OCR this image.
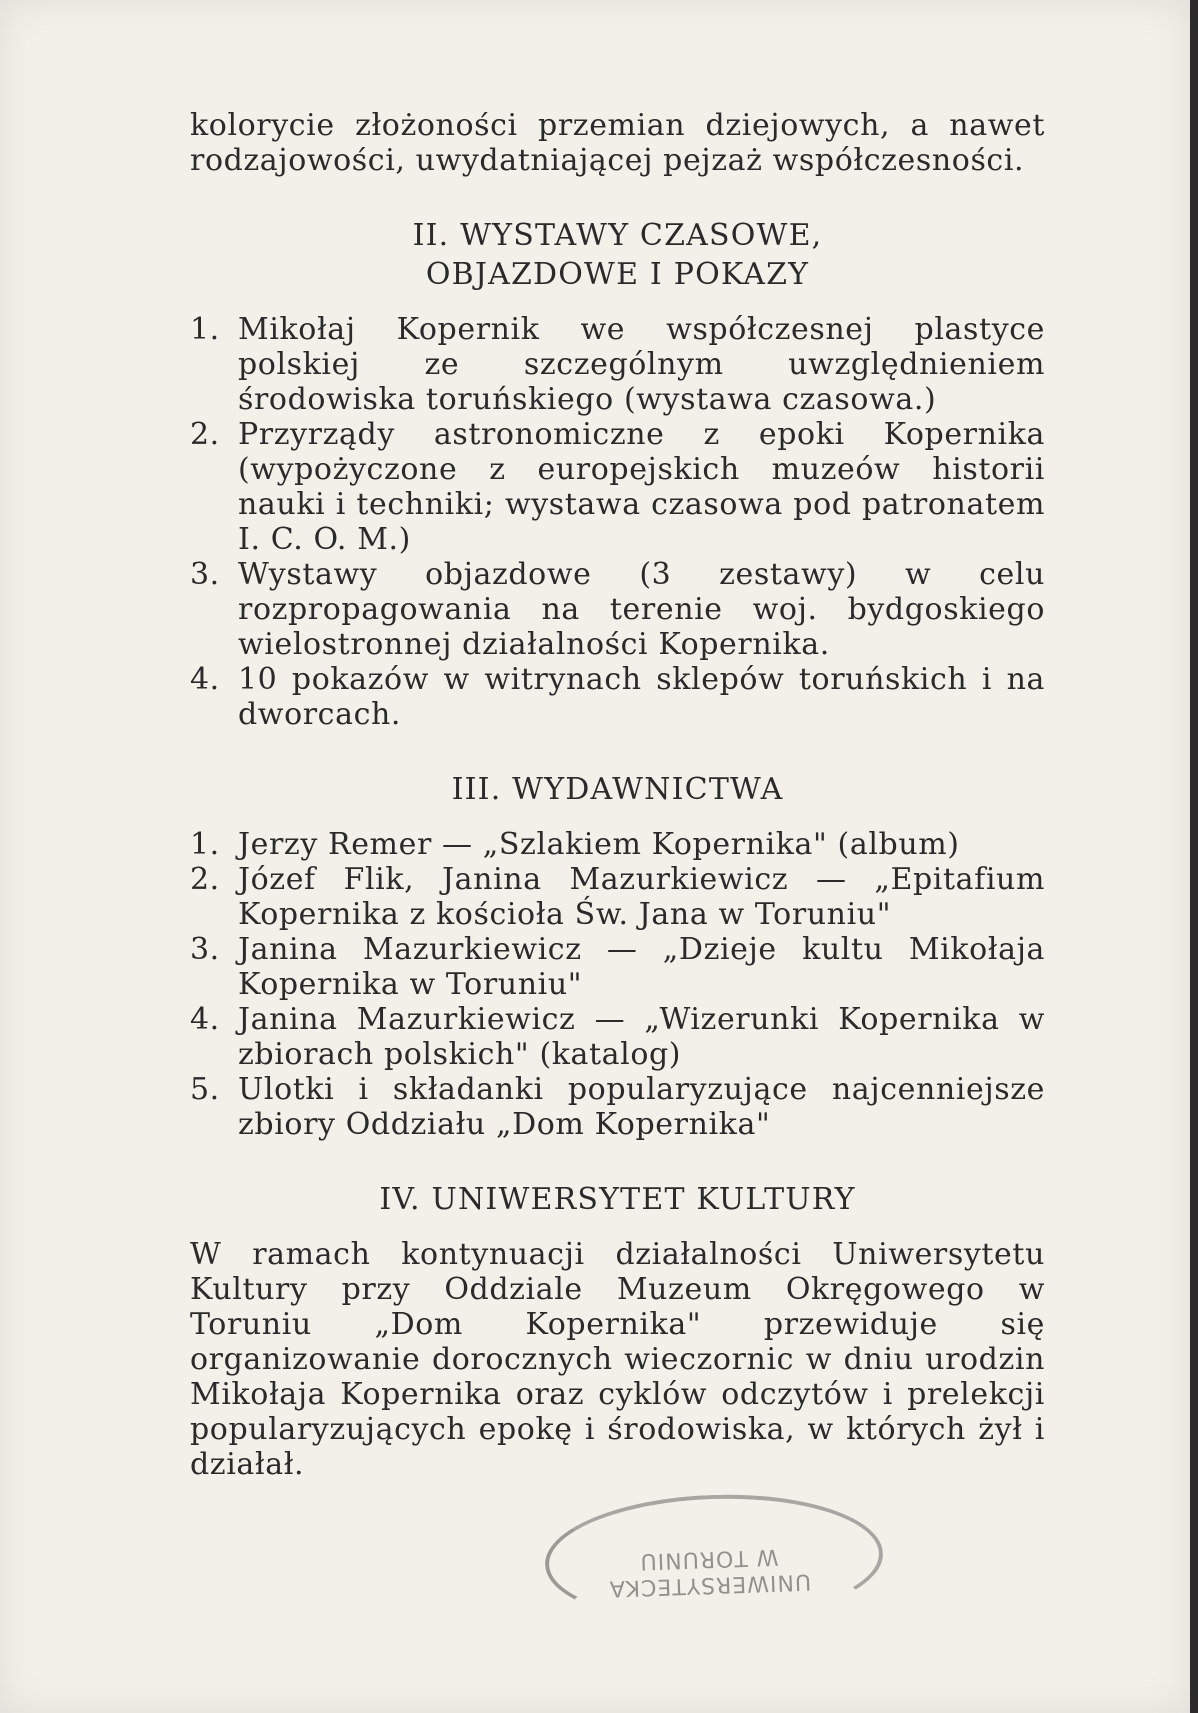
kolorycie złożoności przemian dziejowych, a nawet rodzajowości, uwydatniającej pejzaż współczesności.

II. WYSTAWY CZASOWE,

OBJAZDOWE I POKAZY

1. Mikołaj Kopernik we współczesnej plastyce polskiej ze szczególnym uwzględnieniem środowiska toruńskiego (wystawa czasowa.)
2. Przyrządy astronomiczne z epoki Kopernika (wypożyczone z europejskich muzeów historii nauki i techniki; wystawa czasowa pod patronatem I. C. O. M.)
3. Wystawy objazdowe (3 zestawy) w celu rozpropagowania na terenie woj. bydgoskiego wielostronnej działalności Kopernika.
4. 10 pokazów w witrynach sklepów toruńskich i na dworcach.

III. WYDAWNICTWA

1. Jerzy Remer — „Szlakiem Kopernika" (album)
2. Józef Flik, Janina Mazurkiewicz — „Epitafium Kopernika z kościoła Św. Jana w Toruniu"
3. Janina Mazurkiewicz — „Dzieje kultu Mikołaja Kopernika w Toruniu"
4. Janina Mazurkiewicz — „Wizerunki Kopernika w zbiorach polskich" (katalog)
5. Ulotki i składanki popularyzujące najcenniejsze zbiory Oddziału „Dom Kopernika"

IV. UNIWERSYTET KULTURY

W ramach kontynuacji działalności Uniwersytetu Kultury przy Oddziale Muzeum Okręgowego w Toruniu „Dom Kopernika" przewiduje się organizowanie dorocznych wieczornic w dniu urodzin Mikołaja Kopernika oraz cyklów odczytów i prelekcji popularyzujących epokę i środowiska, w których żył i działał.

UNIWERSYTECKA
W TORUNIU
